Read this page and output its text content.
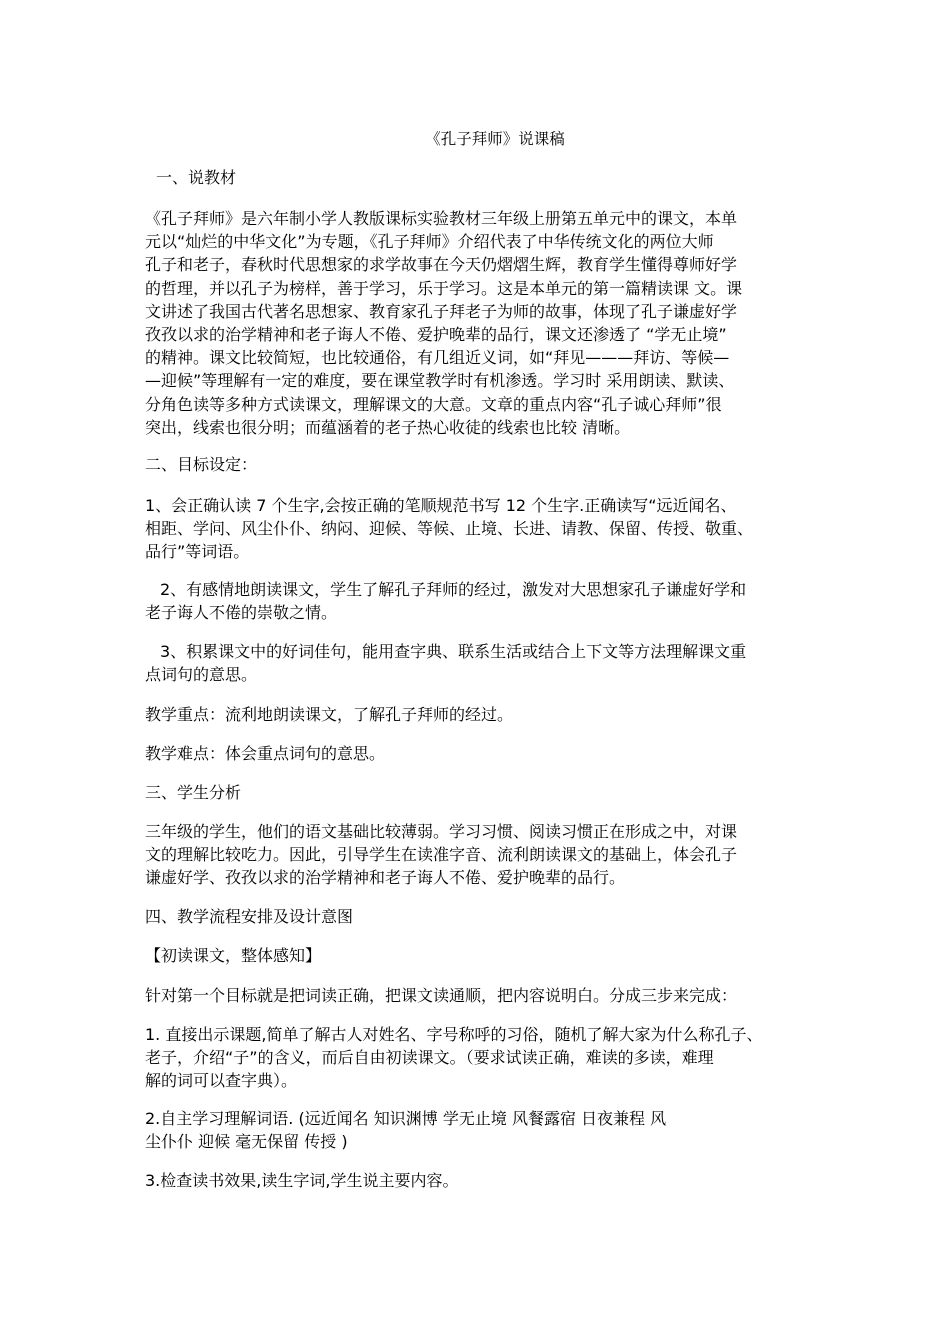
《孔子拜师》说课稿
一、说教材
《孔子拜师》是六年制小学人教版课标实验教材三年级上册第五单元中的课文，本单
元以“灿烂的中华文化”为专题，《孔子拜师》介绍代表了中华传统文化的两位大师
孔子和老子，春秋时代思想家的求学故事在今天仍熠熠生辉，教育学生懂得尊师好学
的哲理，并以孔子为榜样，善于学习，乐于学习。这是本单元的第一篇精读课 文。课
文讲述了我国古代著名思想家、教育家孔子拜老子为师的故事，体现了孔子谦虚好学
孜孜以求的治学精神和老子诲人不倦、爱护晚辈的品行，课文还渗透了 “学无止境”
的精神。课文比较简短，也比较通俗，有几组近义词，如“拜见———拜访、等候—
—迎候”等理解有一定的难度，要在课堂教学时有机渗透。学习时 采用朗读、默读、
分角色读等多种方式读课文，理解课文的大意。文章的重点内容“孔子诚心拜师”很
突出，线索也很分明；而蕴涵着的老子热心收徒的线索也比较 清晰。
二、目标设定：
1、会正确认读 7 个生字,会按正确的笔顺规范书写 12 个生字.正确读写“远近闻名、
相距、学问、风尘仆仆、纳闷、迎候、等候、止境、长进、请教、保留、传授、敬重、
品行”等词语。
2、有感情地朗读课文，学生了解孔子拜师的经过，激发对大思想家孔子谦虚好学和
老子诲人不倦的崇敬之情。
3、积累课文中的好词佳句，能用查字典、联系生活或结合上下文等方法理解课文重
点词句的意思。
教学重点：流利地朗读课文，了解孔子拜师的经过。
教学难点：体会重点词句的意思。
三、学生分析
三年级的学生，他们的语文基础比较薄弱。学习习惯、阅读习惯正在形成之中，对课
文的理解比较吃力。因此，引导学生在读准字音、流利朗读课文的基础上，体会孔子
谦虚好学、孜孜以求的治学精神和老子诲人不倦、爱护晚辈的品行。
四、教学流程安排及设计意图
【初读课文，整体感知】
针对第一个目标就是把词读正确，把课文读通顺，把内容说明白。分成三步来完成：
1. 直接出示课题,简单了解古人对姓名、字号称呼的习俗，随机了解大家为什么称孔子、
老子，介绍“子”的含义，而后自由初读课文。（要求试读正确，难读的多读，难理
解的词可以查字典）。
2.自主学习理解词语. (远近闻名 知识渊博 学无止境 风餐露宿 日夜兼程 风
尘仆仆 迎候 毫无保留 传授 )
3.检查读书效果,读生字词,学生说主要内容。
